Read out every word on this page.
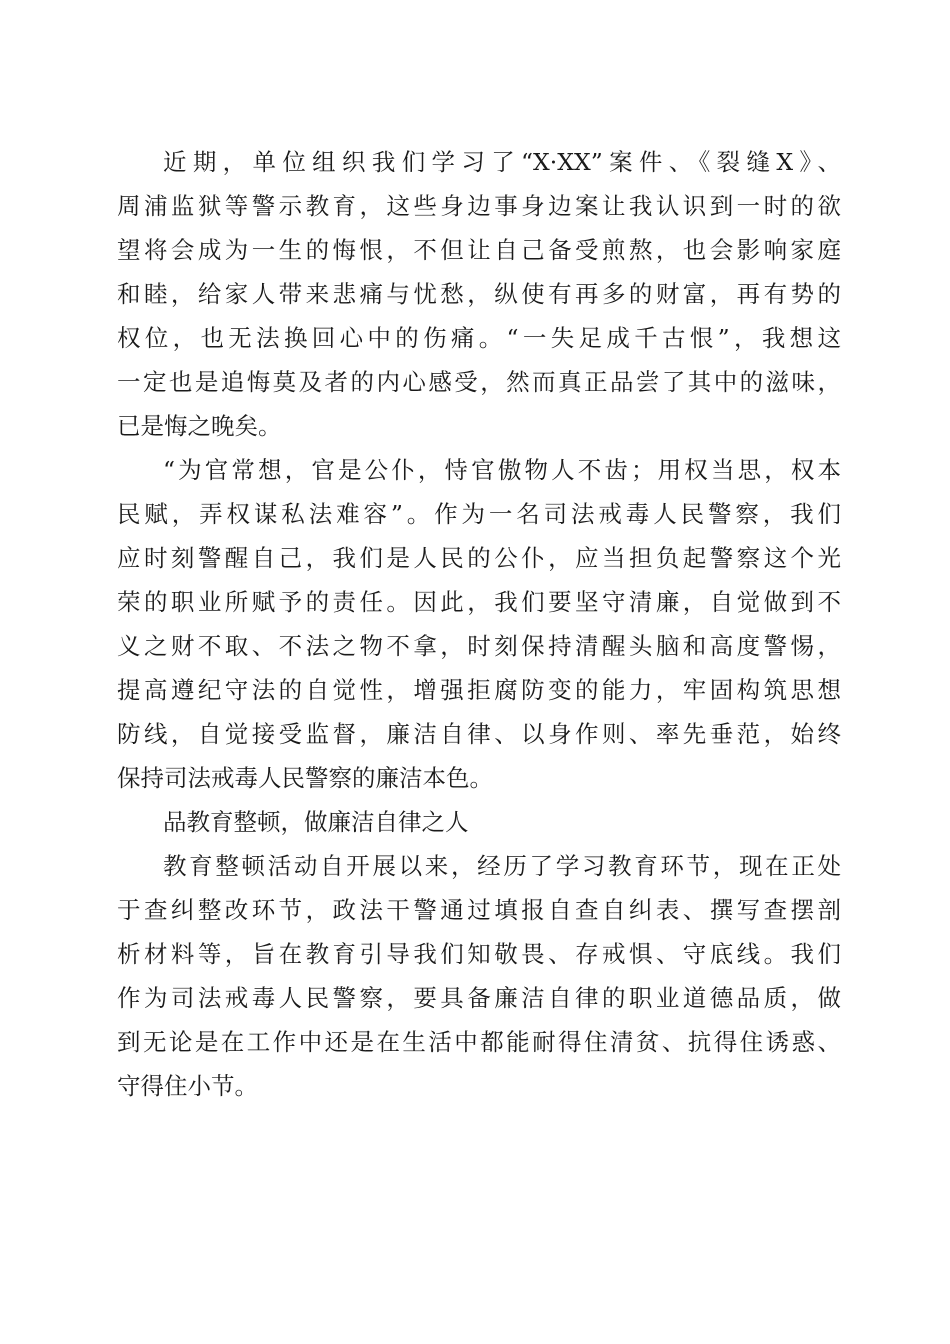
近期，单位组织我们学习了“X·XX”案件、《裂缝X》、
周浦监狱等警示教育，这些身边事身边案让我认识到一时的欲
望将会成为一生的悔恨，不但让自己备受煎熬，也会影响家庭
和睦，给家人带来悲痛与忧愁，纵使有再多的财富，再有势的
权位，也无法换回心中的伤痛。“一失足成千古恨”，我想这
一定也是追悔莫及者的内心感受，然而真正品尝了其中的滋味，
已是悔之晚矣。
“为官常想，官是公仆，恃官傲物人不齿；用权当思，权本
民赋，弄权谋私法难容”。作为一名司法戒毒人民警察，我们
应时刻警醒自己，我们是人民的公仆，应当担负起警察这个光
荣的职业所赋予的责任。因此，我们要坚守清廉，自觉做到不
义之财不取、不法之物不拿，时刻保持清醒头脑和高度警惕，
提高遵纪守法的自觉性，增强拒腐防变的能力，牢固构筑思想
防线，自觉接受监督，廉洁自律、以身作则、率先垂范，始终
保持司法戒毒人民警察的廉洁本色。
品教育整顿，做廉洁自律之人
教育整顿活动自开展以来，经历了学习教育环节，现在正处
于查纠整改环节，政法干警通过填报自查自纠表、撰写查摆剖
析材料等，旨在教育引导我们知敬畏、存戒惧、守底线。我们
作为司法戒毒人民警察，要具备廉洁自律的职业道德品质，做
到无论是在工作中还是在生活中都能耐得住清贫、抗得住诱惑、
守得住小节。
